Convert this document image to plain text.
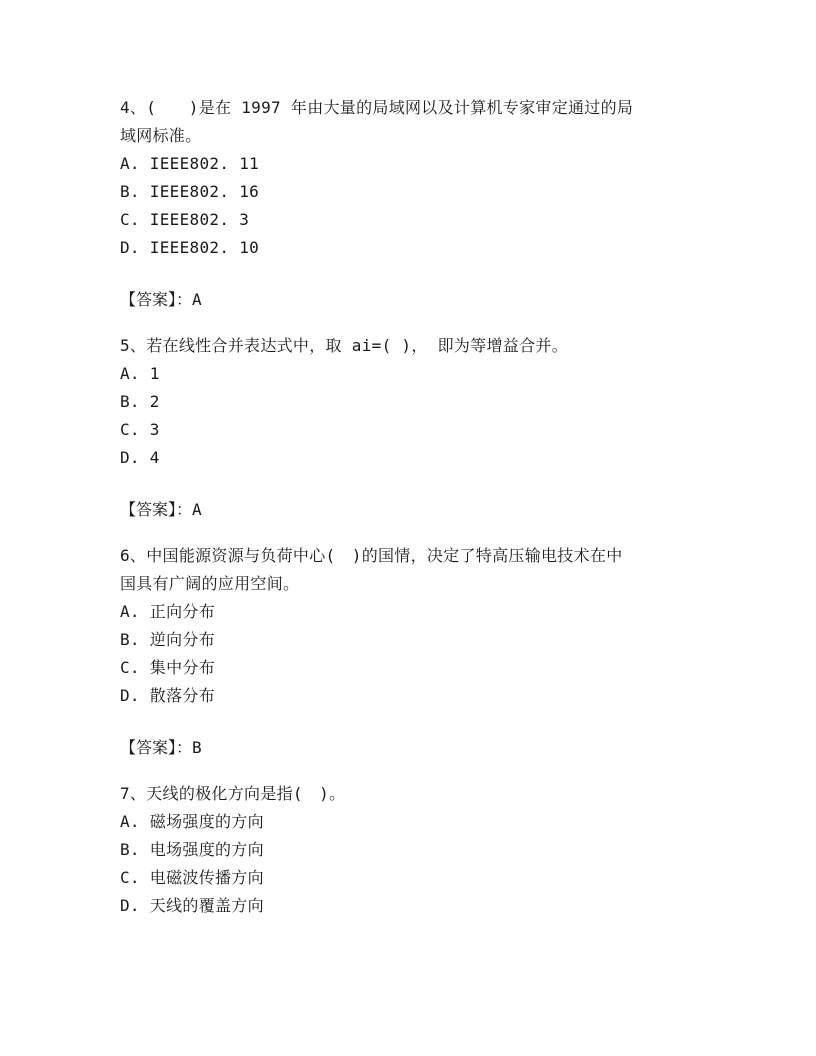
4、(　　)是在 1997 年由大量的局域网以及计算机专家审定通过的局
域网标准。
A. IEEE802. 11
B. IEEE802. 16
C. IEEE802. 3
D. IEEE802. 10
【答案】：A
5、若在线性合并表达式中，取 ai=( )， 即为等增益合并。
A. 1
B. 2
C. 3
D. 4
【答案】：A
6、中国能源资源与负荷中心(　)的国情，决定了特高压输电技术在中
国具有广阔的应用空间。
A. 正向分布
B. 逆向分布
C. 集中分布
D. 散落分布
【答案】：B
7、天线的极化方向是指(　)。
A. 磁场强度的方向
B. 电场强度的方向
C. 电磁波传播方向
D. 天线的覆盖方向
